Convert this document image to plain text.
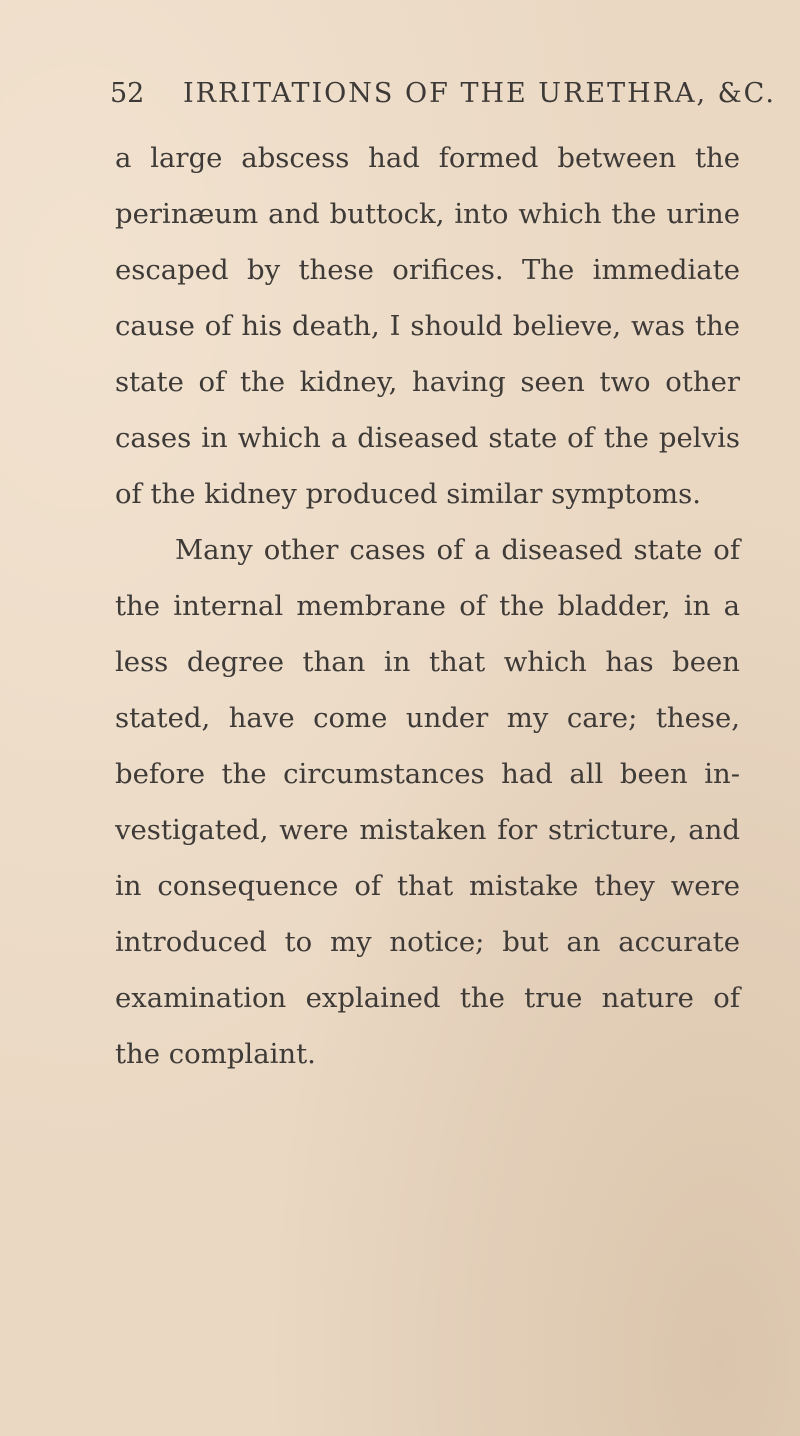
52 IRRITATIONS OF THE URETHRA, &C.
a large abscess had formed between the
perinæum and buttock, into which the urine
escaped by these orifices. The immediate
cause of his death, I should believe, was the
state of the kidney, having seen two other
cases in which a diseased state of the pelvis
of the kidney produced similar symptoms.
Many other cases of a diseased state of
the internal membrane of the bladder, in a
less degree than in that which has been
stated, have come under my care; these,
before the circumstances had all been in-
vestigated, were mistaken for stricture, and
in consequence of that mistake they were
introduced to my notice; but an accurate
examination explained the true nature of
the complaint.
